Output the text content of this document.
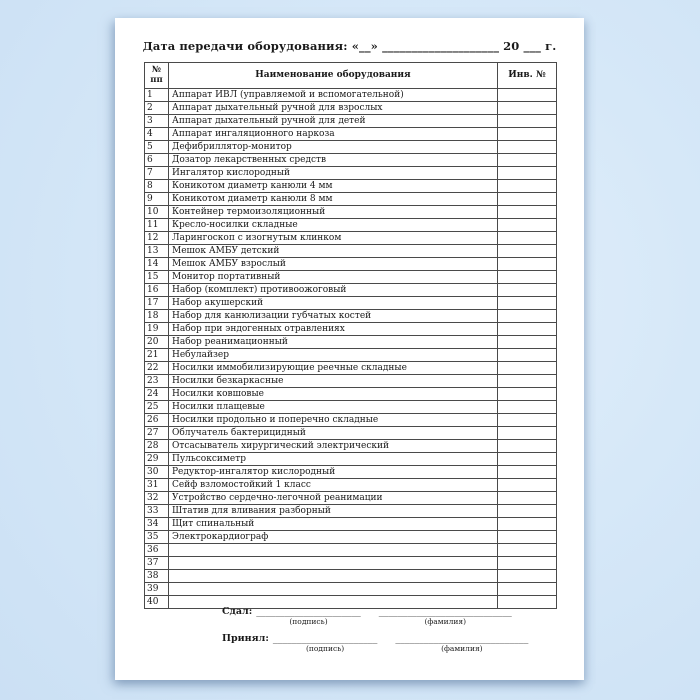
Дата передачи оборудования: «__» ____________________ 20 ___ г.
№ пп	Наименование оборудования	Инв. №
1	Аппарат ИВЛ (управляемой и вспомогательной)	
2	Аппарат дыхательный ручной для взрослых	
3	Аппарат дыхательный ручной для детей	
4	Аппарат ингаляционного наркоза	
5	Дефибриллятор-монитор	
6	Дозатор лекарственных средств	
7	Ингалятор кислородный	
8	Коникотом диаметр канюли 4 мм	
9	Коникотом диаметр канюли 8 мм	
10	Контейнер термоизоляционный	
11	Кресло-носилки складные	
12	Ларингоскоп с изогнутым клинком	
13	Мешок АМБУ детский	
14	Мешок АМБУ взрослый	
15	Монитор портативный	
16	Набор (комплект) противоожоговый	
17	Набор акушерский	
18	Набор для канюлизации губчатых костей	
19	Набор при эндогенных отравлениях	
20	Набор реанимационный	
21	Небулайзер	
22	Носилки иммобилизирующие реечные складные	
23	Носилки безкаркасные	
24	Носилки ковшовые	
25	Носилки плащевые	
26	Носилки продольно и поперечно складные	
27	Облучатель бактерицидный	
28	Отсасыватель хирургический электрический	
29	Пульсоксиметр	
30	Редуктор-ингалятор кислородный	
31	Сейф взломостойкий 1 класс	
32	Устройство сердечно-легочной реанимации	
33	Штатив для вливания разборный	
34	Щит спинальный	
35	Электрокардиограф	
36		
37		
38		
39		
40		
Сдал: ______________________
(подпись)
____________________________
(фамилия)
Принял: ______________________
(подпись)
____________________________
(фамилия)
